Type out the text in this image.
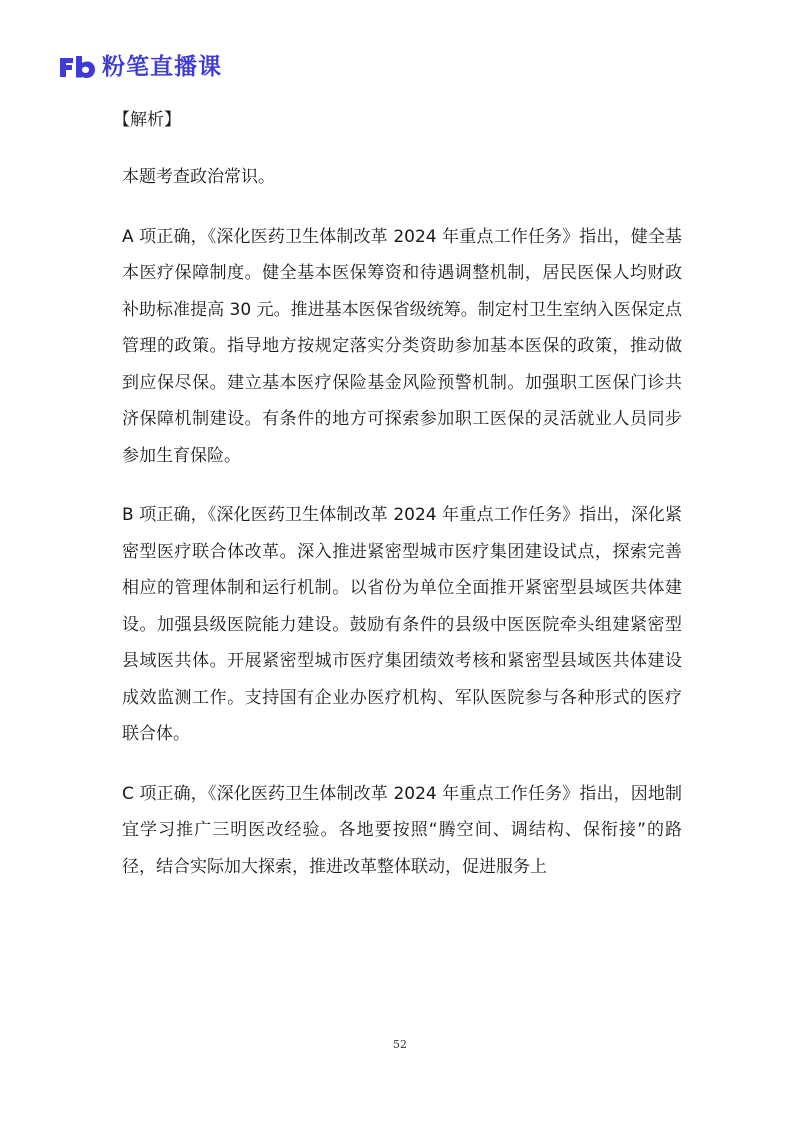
粉笔直播课
【解析】

本题考查政治常识。

A 项正确，《深化医药卫生体制改革 2024 年重点工作任务》指出，健全基本医疗保障制度。健全基本医保筹资和待遇调整机制，居民医保人均财政补助标准提高 30 元。推进基本医保省级统筹。制定村卫生室纳入医保定点管理的政策。指导地方按规定落实分类资助参加基本医保的政策，推动做到应保尽保。建立基本医疗保险基金风险预警机制。加强职工医保门诊共济保障机制建设。有条件的地方可探索参加职工医保的灵活就业人员同步参加生育保险。

B 项正确，《深化医药卫生体制改革 2024 年重点工作任务》指出，深化紧密型医疗联合体改革。深入推进紧密型城市医疗集团建设试点，探索完善相应的管理体制和运行机制。以省份为单位全面推开紧密型县域医共体建设。加强县级医院能力建设。鼓励有条件的县级中医医院牵头组建紧密型县域医共体。开展紧密型城市医疗集团绩效考核和紧密型县域医共体建设成效监测工作。支持国有企业办医疗机构、军队医院参与各种形式的医疗联合体。

C 项正确，《深化医药卫生体制改革 2024 年重点工作任务》指出，因地制宜学习推广三明医改经验。各地要按照“腾空间、调结构、保衔接”的路径，结合实际加大探索，推进改革整体联动，促进服务上

52
